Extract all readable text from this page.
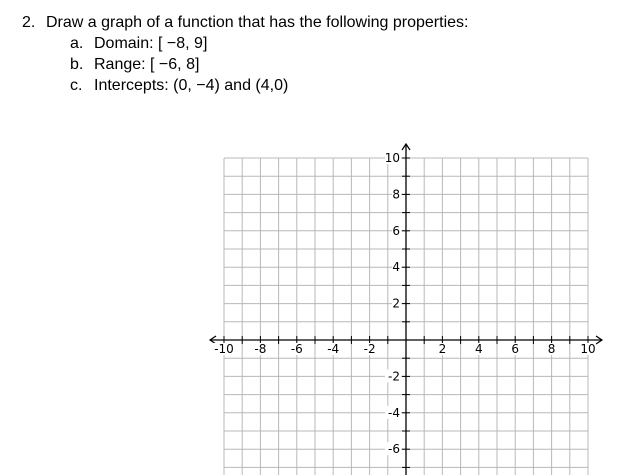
2. Draw a graph of a function that has the following properties:
a. Domain: [ −8, 9]
b. Range: [ −6, 8]
c. Intercepts: (0, −4) and (4,0)
-10 -8 -6 -4 -2	2 4 6 8 10
10
8
6
4
2
-2
-4
-6
